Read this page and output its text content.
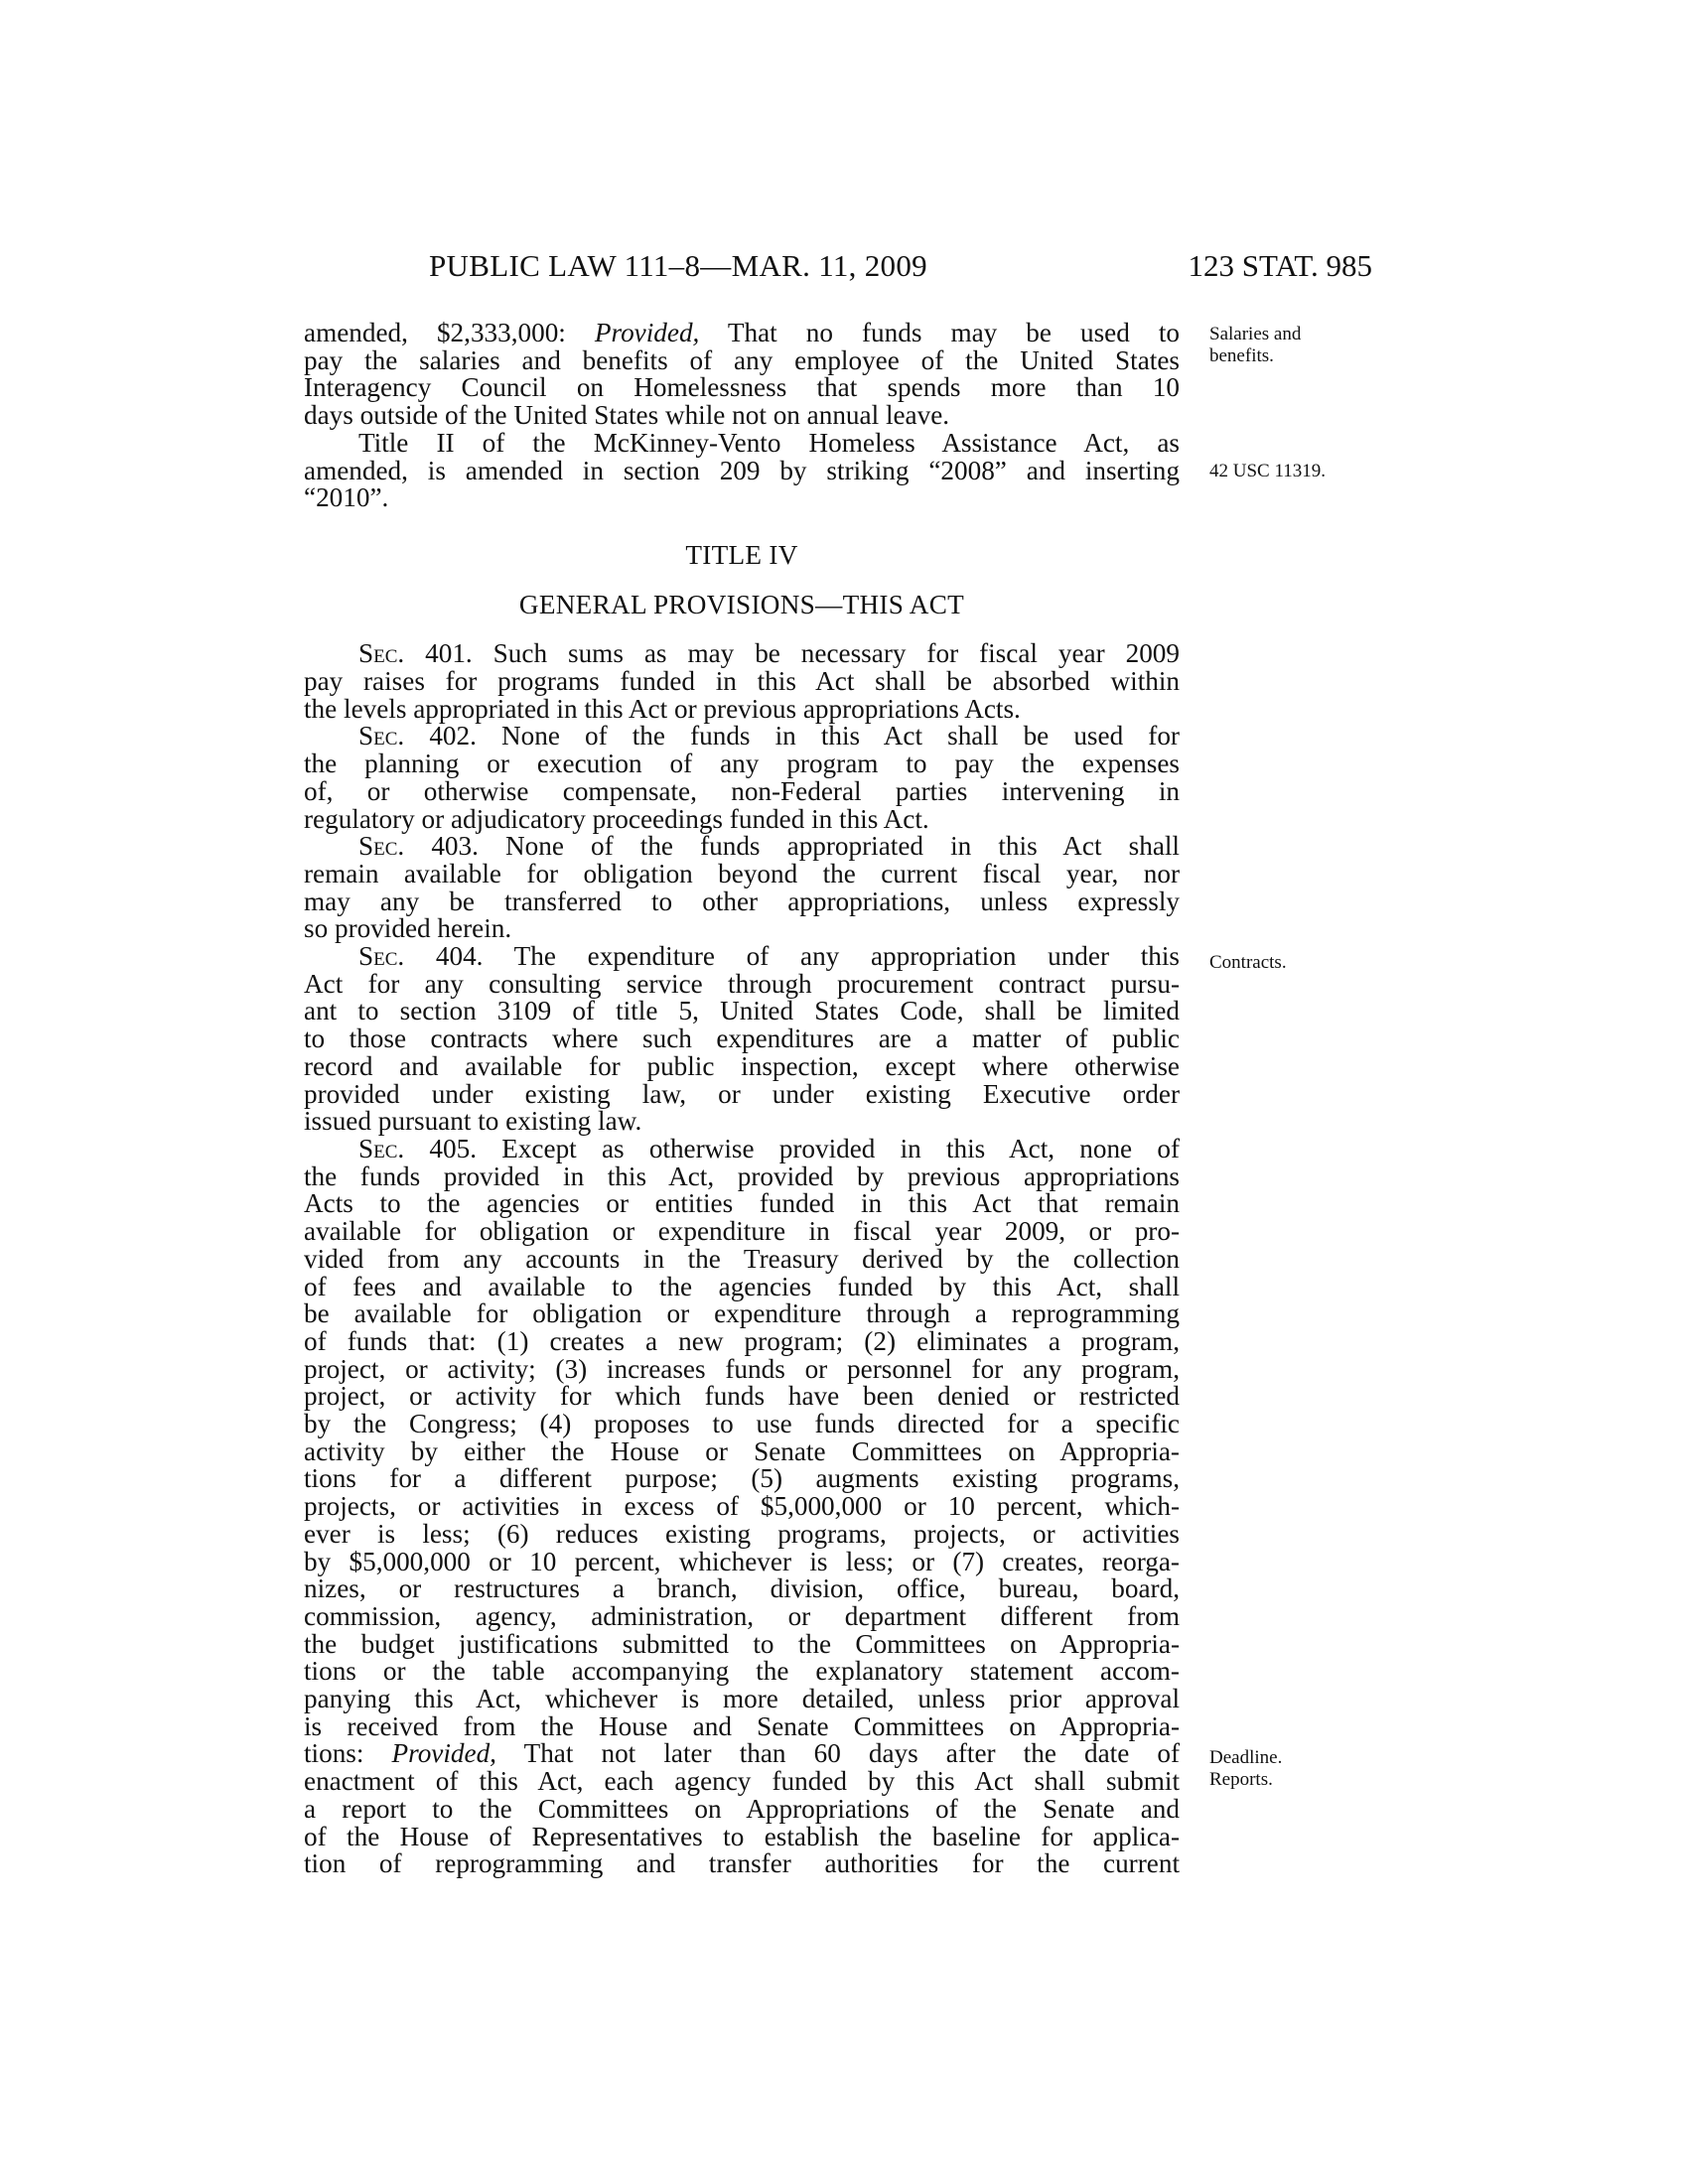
PUBLIC LAW 111–8—MAR. 11, 2009	123 STAT. 985

amended, $2,333,000: Provided, That no funds may be used to
pay the salaries and benefits of any employee of the United States
Interagency Council on Homelessness that spends more than 10
days outside of the United States while not on annual leave.

Title II of the McKinney-Vento Homeless Assistance Act, as
amended, is amended in section 209 by striking “2008” and inserting
“2010”.

TITLE IV

GENERAL PROVISIONS—THIS ACT

Sec. 401. Such sums as may be necessary for fiscal year 2009
pay raises for programs funded in this Act shall be absorbed within
the levels appropriated in this Act or previous appropriations Acts.

Sec. 402. None of the funds in this Act shall be used for
the planning or execution of any program to pay the expenses
of, or otherwise compensate, non-Federal parties intervening in
regulatory or adjudicatory proceedings funded in this Act.

Sec. 403. None of the funds appropriated in this Act shall
remain available for obligation beyond the current fiscal year, nor
may any be transferred to other appropriations, unless expressly
so provided herein.

Sec. 404. The expenditure of any appropriation under this
Act for any consulting service through procurement contract pursu-
ant to section 3109 of title 5, United States Code, shall be limited
to those contracts where such expenditures are a matter of public
record and available for public inspection, except where otherwise
provided under existing law, or under existing Executive order
issued pursuant to existing law.

Sec. 405. Except as otherwise provided in this Act, none of
the funds provided in this Act, provided by previous appropriations
Acts to the agencies or entities funded in this Act that remain
available for obligation or expenditure in fiscal year 2009, or pro-
vided from any accounts in the Treasury derived by the collection
of fees and available to the agencies funded by this Act, shall
be available for obligation or expenditure through a reprogramming
of funds that: (1) creates a new program; (2) eliminates a program,
project, or activity; (3) increases funds or personnel for any program,
project, or activity for which funds have been denied or restricted
by the Congress; (4) proposes to use funds directed for a specific
activity by either the House or Senate Committees on Appropria-
tions for a different purpose; (5) augments existing programs,
projects, or activities in excess of $5,000,000 or 10 percent, which-
ever is less; (6) reduces existing programs, projects, or activities
by $5,000,000 or 10 percent, whichever is less; or (7) creates, reorga-
nizes, or restructures a branch, division, office, bureau, board,
commission, agency, administration, or department different from
the budget justifications submitted to the Committees on Appropria-
tions or the table accompanying the explanatory statement accom-
panying this Act, whichever is more detailed, unless prior approval
is received from the House and Senate Committees on Appropria-
tions: Provided, That not later than 60 days after the date of
enactment of this Act, each agency funded by this Act shall submit
a report to the Committees on Appropriations of the Senate and
of the House of Representatives to establish the baseline for applica-
tion of reprogramming and transfer authorities for the current

Salaries and
benefits.
42 USC 11319.
Contracts.
Deadline.
Reports.
